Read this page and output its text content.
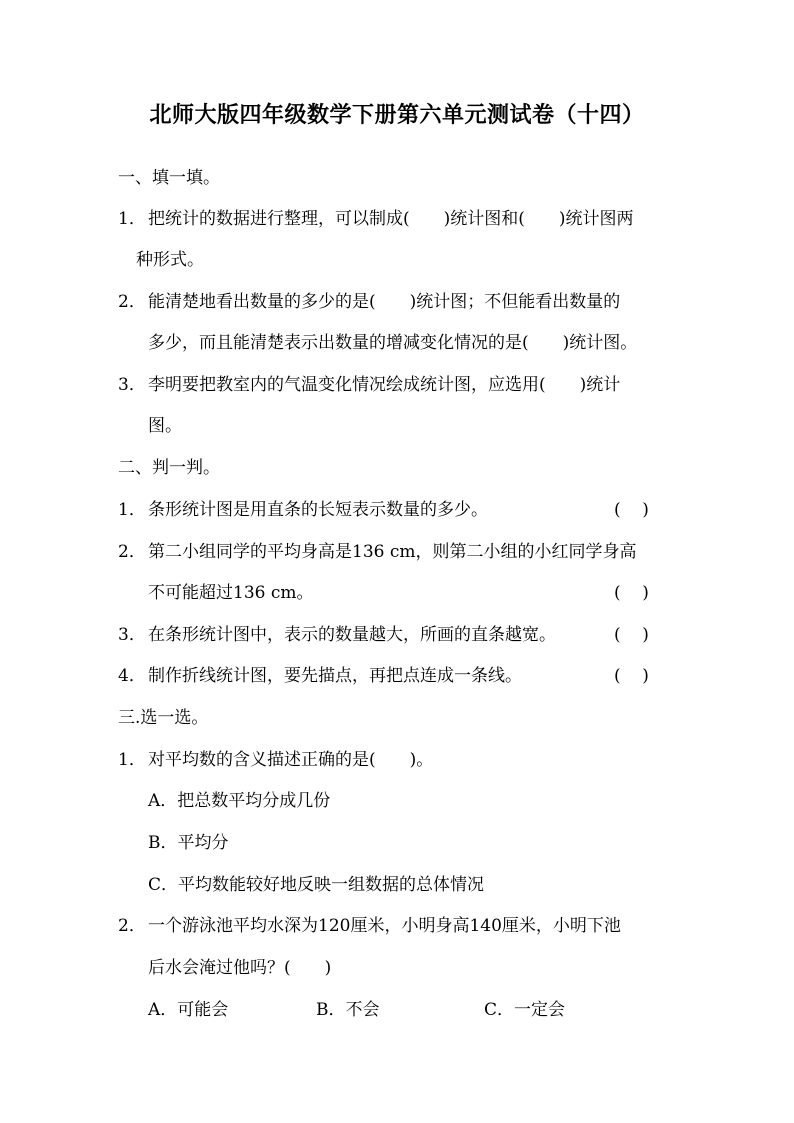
北师大版四年级数学下册第六单元测试卷（十四）
一、填一填。
1． 把统计的数据进行整理，可以制成(　　)统计图和(　　)统计图两
种形式。
2． 能清楚地看出数量的多少的是(　　)统计图；不但能看出数量的
多少，而且能清楚表示出数量的增减变化情况的是(　　)统计图。
3． 李明要把教室内的气温变化情况绘成统计图，应选用(　　)统计
图。
二、判一判。
1． 条形统计图是用直条的长短表示数量的多少。	(    )
2． 第二小组同学的平均身高是136 cm，则第二小组的小红同学身高
不可能超过136 cm。	(    )
3． 在条形统计图中，表示的数量越大，所画的直条越宽。	(    )
4． 制作折线统计图，要先描点，再把点连成一条线。	(    )
三.选一选。
1． 对平均数的含义描述正确的是(　　)。
A．把总数平均分成几份
B．平均分
C．平均数能较好地反映一组数据的总体情况
2． 一个游泳池平均水深为120厘米，小明身高140厘米，小明下池
后水会淹过他吗？(　　)
A．可能会	B．不会	C．一定会
